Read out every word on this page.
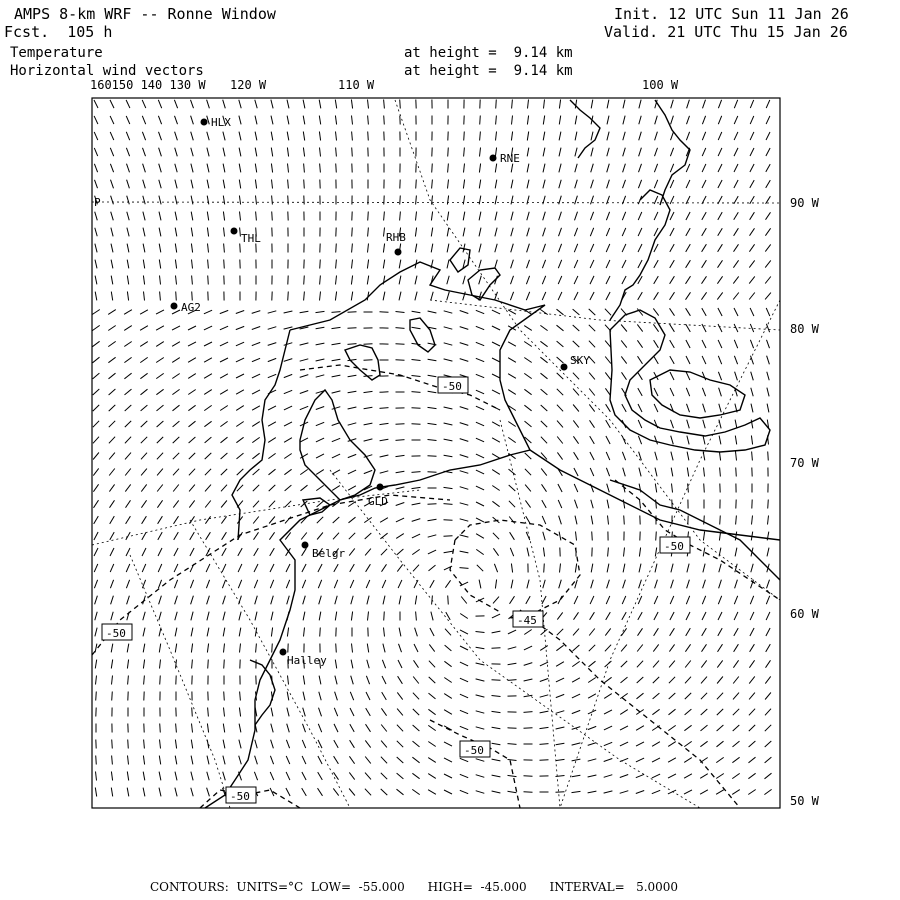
AMPS 8-km WRF -- Ronne Window
Fcst.  105 h
Temperature
Horizontal wind vectors
at height =  9.14 km
at height =  9.14 km
Init. 12 UTC Sun 11 Jan 26
Valid. 21 UTC Thu 15 Jan 26
160150 140 130 W 120 W	110 W	100 W
90 W
80 W
70 W
60 W
50 W
P
HLX
RNE
THL	RHB
AG2
SKY
GLD
Belgr
Halley
-50
-50
-45
-50
-50
-50
CONTOURS:  UNITS=°C  LOW=  -55.000      HIGH=  -45.000      INTERVAL=   5.0000
